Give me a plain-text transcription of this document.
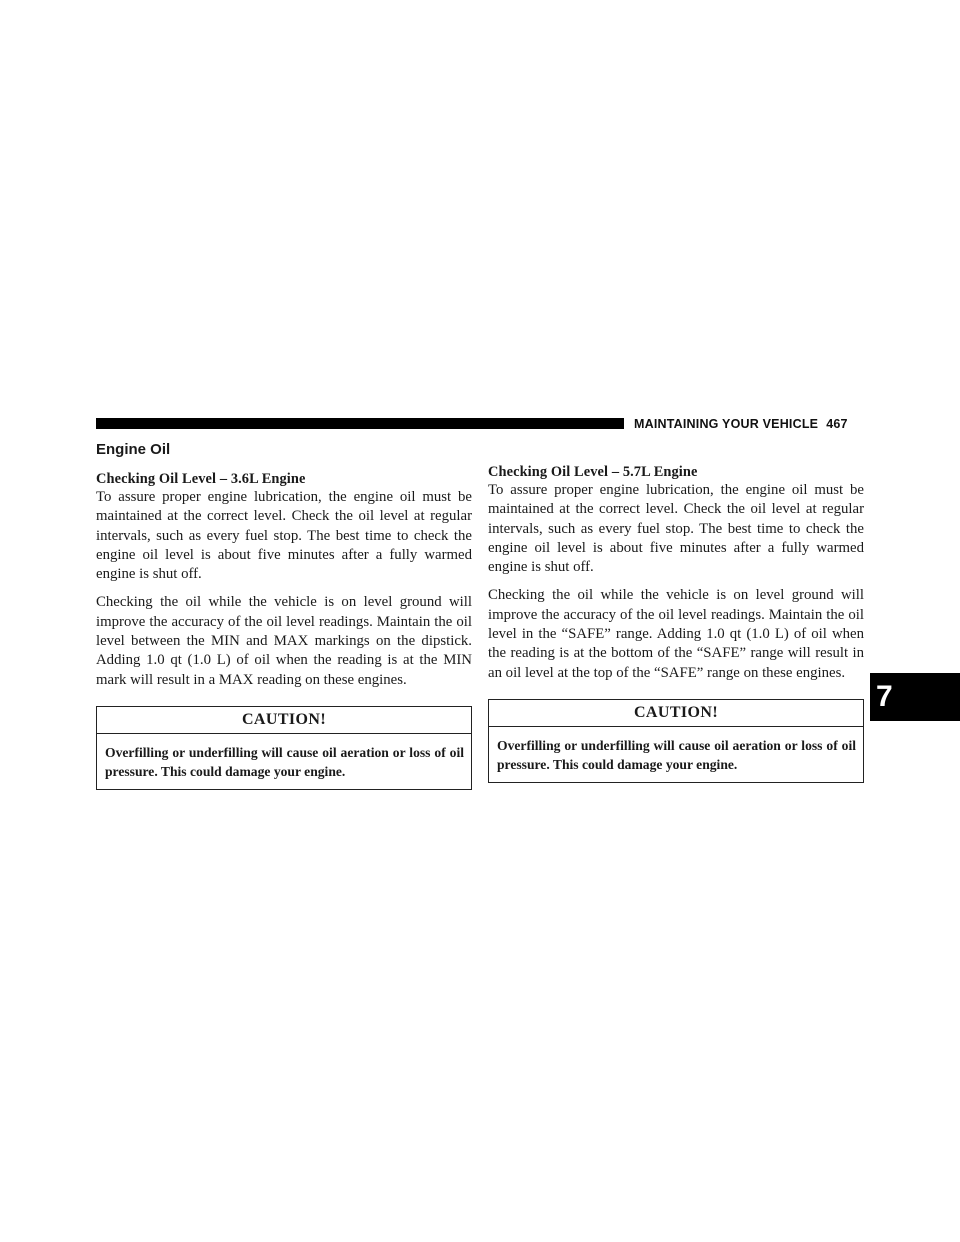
MAINTAINING YOUR VEHICLE 467
7
Engine Oil
Checking Oil Level – 3.6L Engine

To assure proper engine lubrication, the engine oil must be maintained at the correct level. Check the oil level at regular intervals, such as every fuel stop. The best time to check the engine oil level is about five minutes after a fully warmed engine is shut off.

Checking the oil while the vehicle is on level ground will improve the accuracy of the oil level readings. Maintain the oil level between the MIN and MAX markings on the dipstick. Adding 1.0 qt (1.0 L) of oil when the reading is at the MIN mark will result in a MAX reading on these engines.

CAUTION!
Overfilling or underfilling will cause oil aeration or loss of oil pressure. This could damage your engine.
Checking Oil Level – 5.7L Engine

To assure proper engine lubrication, the engine oil must be maintained at the correct level. Check the oil level at regular intervals, such as every fuel stop. The best time to check the engine oil level is about five minutes after a fully warmed engine is shut off.

Checking the oil while the vehicle is on level ground will improve the accuracy of the oil level readings. Maintain the oil level in the “SAFE” range. Adding 1.0 qt (1.0 L) of oil when the reading is at the bottom of the “SAFE” range will result in an oil level at the top of the “SAFE” range on these engines.

CAUTION!
Overfilling or underfilling will cause oil aeration or loss of oil pressure. This could damage your engine.
